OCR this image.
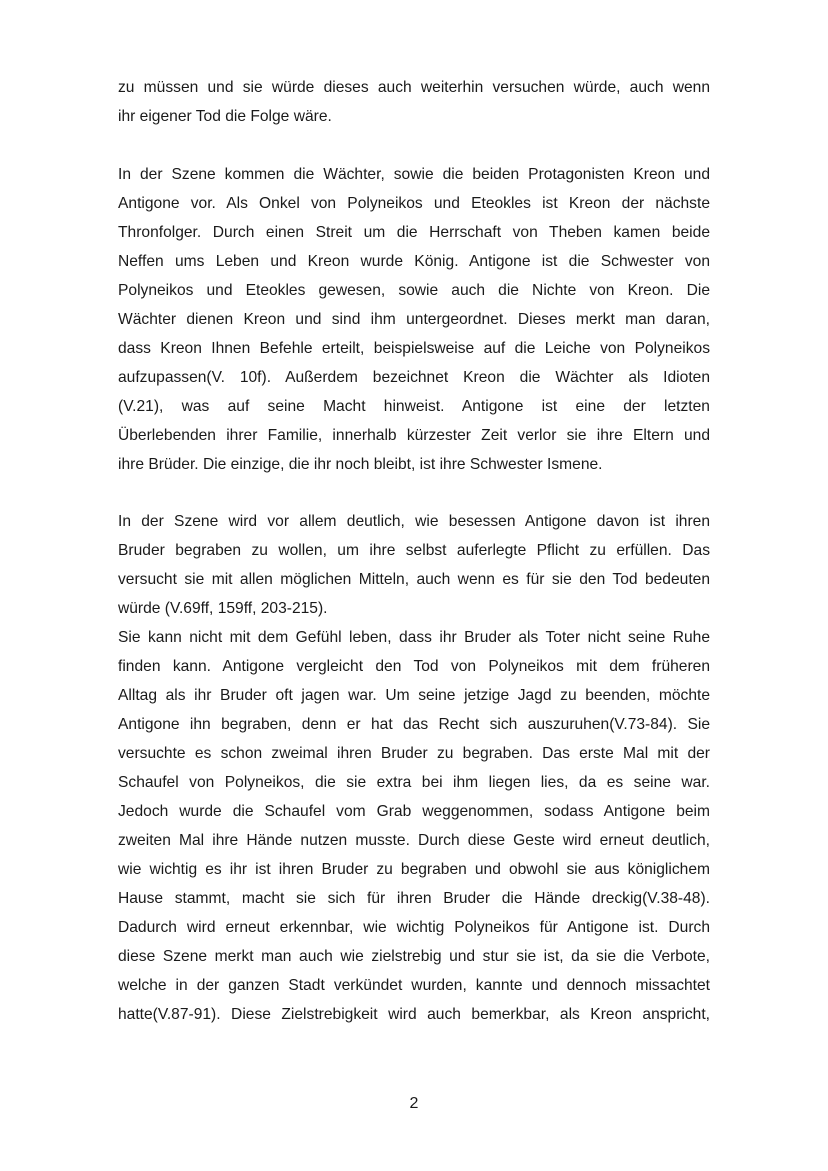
zu müssen und sie würde dieses auch weiterhin versuchen würde, auch wenn
ihr eigener Tod die Folge wäre.
In der Szene kommen die Wächter, sowie die beiden Protagonisten Kreon und
Antigone vor. Als Onkel von Polyneikos und Eteokles ist Kreon der nächste
Thronfolger. Durch einen Streit um die Herrschaft von Theben kamen beide
Neffen ums Leben und Kreon wurde König. Antigone ist die Schwester von
Polyneikos und Eteokles gewesen, sowie auch die Nichte von Kreon. Die
Wächter dienen Kreon und sind ihm untergeordnet. Dieses merkt man daran,
dass Kreon Ihnen Befehle erteilt, beispielsweise auf die Leiche von Polyneikos
aufzupassen(V. 10f). Außerdem bezeichnet Kreon die Wächter als Idioten
(V.21), was auf seine Macht hinweist. Antigone ist eine der letzten
Überlebenden ihrer Familie, innerhalb kürzester Zeit verlor sie ihre Eltern und
ihre Brüder. Die einzige, die ihr noch bleibt, ist ihre Schwester Ismene.
In der Szene wird vor allem deutlich, wie besessen Antigone davon ist ihren
Bruder begraben zu wollen, um ihre selbst auferlegte Pflicht zu erfüllen. Das
versucht sie mit allen möglichen Mitteln, auch wenn es für sie den Tod bedeuten
würde (V.69ff, 159ff, 203-215).
Sie kann nicht mit dem Gefühl leben, dass ihr Bruder als Toter nicht seine Ruhe
finden kann. Antigone vergleicht den Tod von Polyneikos mit dem früheren
Alltag als ihr Bruder oft jagen war. Um seine jetzige Jagd zu beenden, möchte
Antigone ihn begraben, denn er hat das Recht sich auszuruhen(V.73-84). Sie
versuchte es schon zweimal ihren Bruder zu begraben. Das erste Mal mit der
Schaufel von Polyneikos, die sie extra bei ihm liegen lies, da es seine war.
Jedoch wurde die Schaufel vom Grab weggenommen, sodass Antigone beim
zweiten Mal ihre Hände nutzen musste. Durch diese Geste wird erneut deutlich,
wie wichtig es ihr ist ihren Bruder zu begraben und obwohl sie aus königlichem
Hause stammt, macht sie sich für ihren Bruder die Hände dreckig(V.38-48).
Dadurch wird erneut erkennbar, wie wichtig Polyneikos für Antigone ist. Durch
diese Szene merkt man auch wie zielstrebig und stur sie ist, da sie die Verbote,
welche in der ganzen Stadt verkündet wurden, kannte und dennoch missachtet
hatte(V.87-91). Diese Zielstrebigkeit wird auch bemerkbar, als Kreon anspricht,
2
